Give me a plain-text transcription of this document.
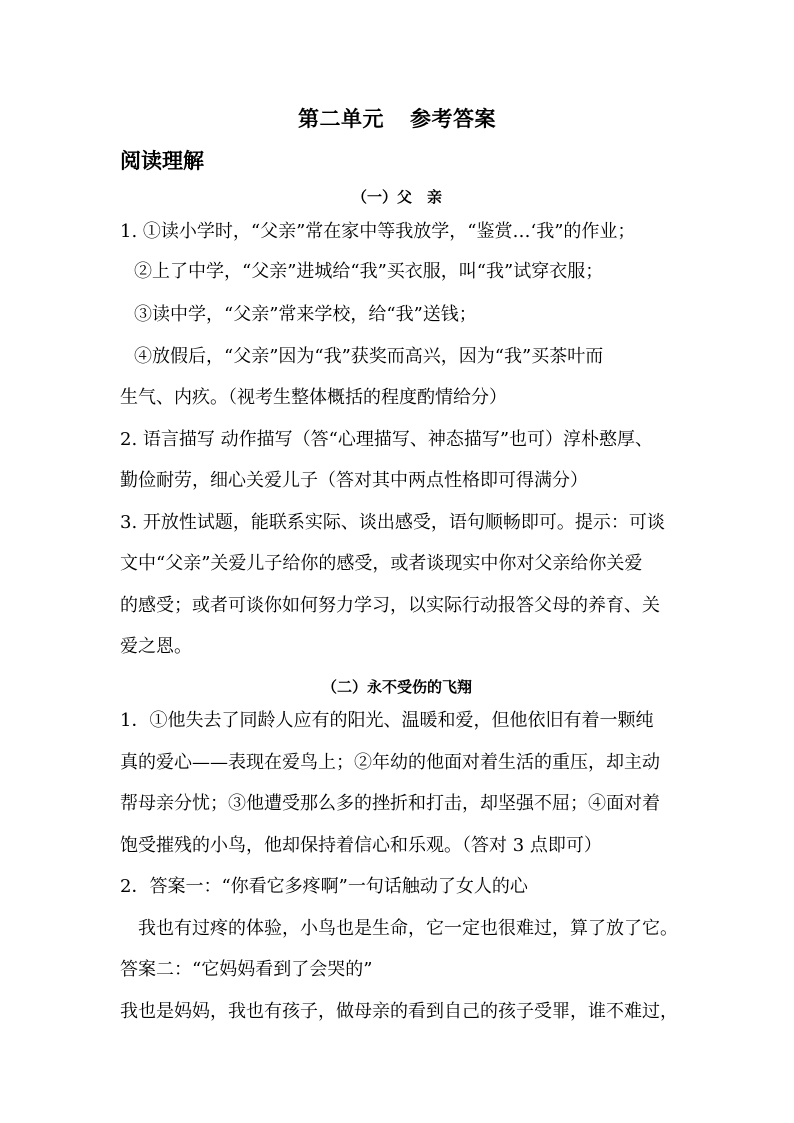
第二单元 参考答案
阅读理解
（一）父　亲
1. ①读小学时，“父亲”常在家中等我放学，“鉴赏…‘我”的作业；
②上了中学，“父亲”进城给“我”买衣服，叫“我”试穿衣服；
③读中学，“父亲”常来学校，给“我”送钱；
④放假后，“父亲”因为“我”获奖而高兴，因为“我”买茶叶而
生气、内疚。（视考生整体概括的程度酌情给分）
2. 语言描写 动作描写（答“心理描写、神态描写”也可）淳朴憨厚、
勤俭耐劳，细心关爱儿子（答对其中两点性格即可得满分）
3. 开放性试题，能联系实际、谈出感受，语句顺畅即可。提示：可谈
文中“父亲”关爱儿子给你的感受，或者谈现实中你对父亲给你关爱
的感受；或者可谈你如何努力学习，以实际行动报答父母的养育、关
爱之恩。
（二）永不受伤的飞翔
1．①他失去了同龄人应有的阳光、温暖和爱，但他依旧有着一颗纯
真的爱心——表现在爱鸟上；②年幼的他面对着生活的重压，却主动
帮母亲分忧；③他遭受那么多的挫折和打击，却坚强不屈；④面对着
饱受摧残的小鸟，他却保持着信心和乐观。（答对 3 点即可）
2．答案一：“你看它多疼啊”一句话触动了女人的心
我也有过疼的体验，小鸟也是生命，它一定也很难过，算了放了它。
答案二：“它妈妈看到了会哭的”
我也是妈妈，我也有孩子，做母亲的看到自己的孩子受罪，谁不难过，
